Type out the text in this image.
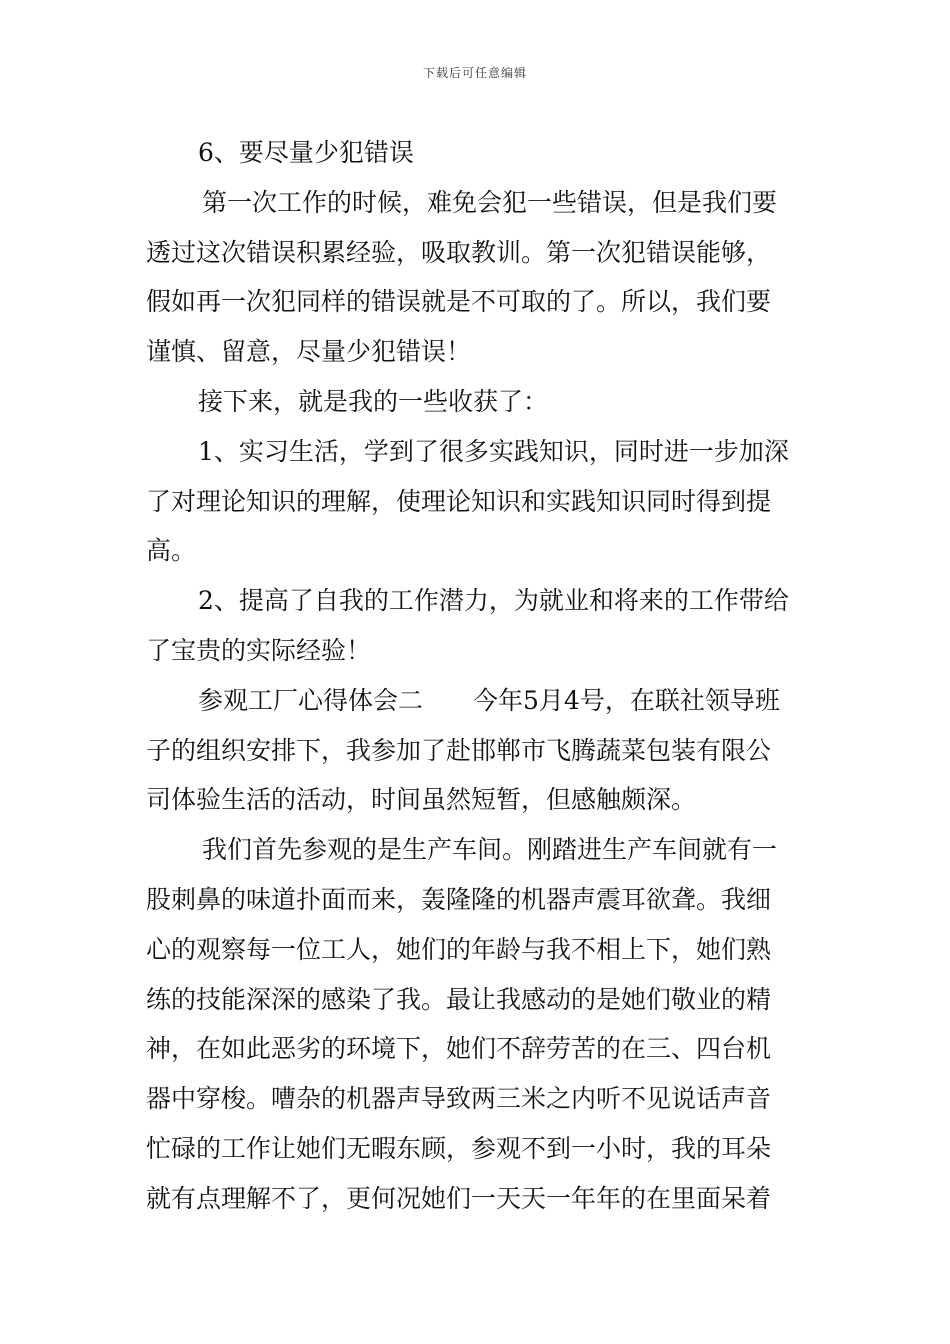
下载后可任意编辑
6、要尽量少犯错误
第一次工作的时候，难免会犯一些错误，但是我们要
透过这次错误积累经验，吸取教训。第一次犯错误能够，
假如再一次犯同样的错误就是不可取的了。所以，我们要
谨慎、留意，尽量少犯错误！
接下来，就是我的一些收获了：
1、实习生活，学到了很多实践知识，同时进一步加深
了对理论知识的理解，使理论知识和实践知识同时得到提
高。
2、提高了自我的工作潜力，为就业和将来的工作带给
了宝贵的实际经验！
参观工厂心得体会二　　今年5月4号，在联社领导班
子的组织安排下，我参加了赴邯郸市飞腾蔬菜包装有限公
司体验生活的活动，时间虽然短暂，但感触颇深。
我们首先参观的是生产车间。刚踏进生产车间就有一
股刺鼻的味道扑面而来，轰隆隆的机器声震耳欲聋。我细
心的观察每一位工人，她们的年龄与我不相上下，她们熟
练的技能深深的感染了我。最让我感动的是她们敬业的精
神，在如此恶劣的环境下，她们不辞劳苦的在三、四台机
器中穿梭。嘈杂的机器声导致两三米之内听不见说话声音
忙碌的工作让她们无暇东顾，参观不到一小时，我的耳朵
就有点理解不了，更何况她们一天天一年年的在里面呆着
